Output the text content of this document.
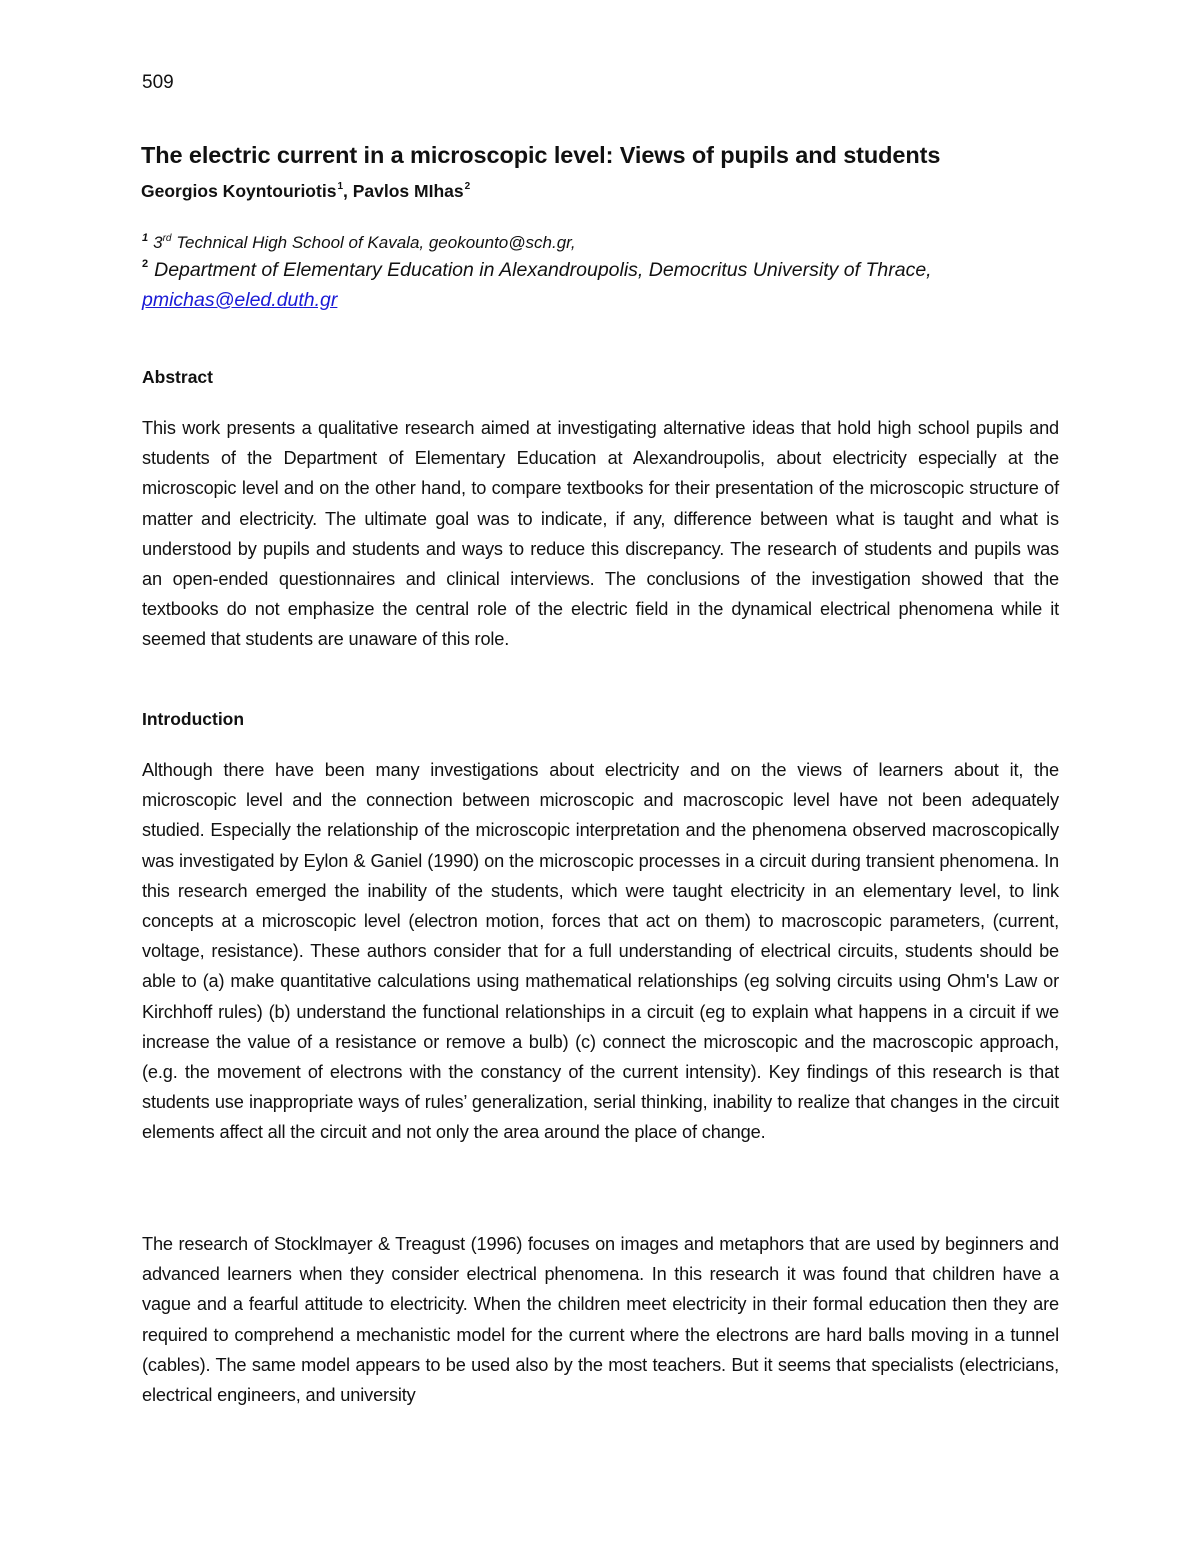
509
The electric current in a microscopic level: Views of pupils and students
Georgios Koyntouriotis$^1$, Pavlos MIhas$^2$
$^1$ 3rd Technical High School of Kavala, geokounto@sch.gr,
$^2$ Department of Elementary Education in Alexandroupolis, Democritus University of Thrace,
pmichas@eled.duth.gr
Abstract
This work presents a qualitative research aimed at investigating alternative ideas that hold high school pupils and students of the Department of Elementary Education at Alexandroupolis, about electricity especially at the microscopic level and on the other hand, to compare textbooks for their presentation of the microscopic structure of matter and electricity. The ultimate goal was to indicate, if any, difference between what is taught and what is understood by pupils and students and ways to reduce this discrepancy. The research of students and pupils was an open-ended questionnaires and clinical interviews. The conclusions of the investigation showed that the textbooks do not emphasize the central role of the electric field in the dynamical electrical phenomena while it seemed that students are unaware of this role.
Introduction
Although there have been many investigations about electricity and on the views of learners about it, the microscopic level and the connection between microscopic and macroscopic level have not been adequately studied. Especially the relationship of the microscopic interpretation and the phenomena observed macroscopically was investigated by Eylon & Ganiel (1990) on the microscopic processes in a circuit during transient phenomena. In this research emerged the inability of the students, which were taught electricity in an elementary level, to link concepts at a microscopic level (electron motion, forces that act on them) to macroscopic parameters, (current, voltage, resistance). These authors consider that for a full understanding of electrical circuits, students should be able to (a) make quantitative calculations using mathematical relationships (eg solving circuits using Ohm's Law or Kirchhoff rules) (b) understand the functional relationships in a circuit (eg to explain what happens in a circuit if we increase the value of a resistance or remove a bulb) (c) connect the microscopic and the macroscopic approach, (e.g. the movement of electrons with the constancy of the current intensity). Key findings of this research is that students use inappropriate ways of rules’ generalization, serial thinking, inability to realize that changes in the circuit elements affect all the circuit and not only the area around the place of change.
The research of Stocklmayer & Treagust (1996) focuses on images and metaphors that are used by beginners and advanced learners when they consider electrical phenomena. In this research it was found that children have a vague and a fearful attitude to electricity. When the children meet electricity in their formal education then they are required to comprehend a mechanistic model for the current where the electrons are hard balls moving in a tunnel (cables). The same model appears to be used also by the most teachers. But it seems that specialists (electricians, electrical engineers, and university
